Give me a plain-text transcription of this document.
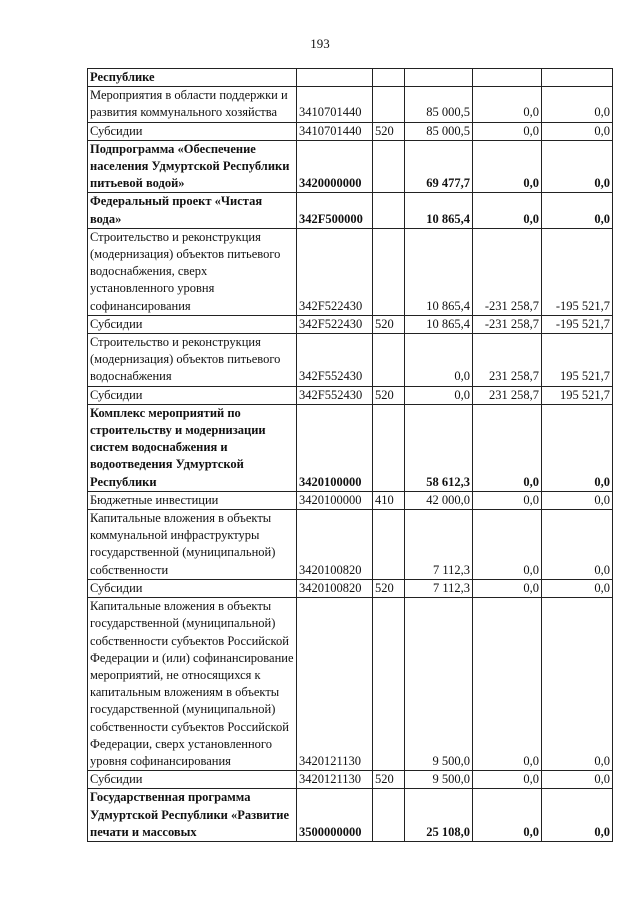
193
Республике					
Мероприятия в области поддержки и развития коммунального хозяйства	3410701440		85 000,5	0,0	0,0
Субсидии	3410701440	520	85 000,5	0,0	0,0
Подпрограмма «Обеспечение населения Удмуртской Республики питьевой водой»	3420000000		69 477,7	0,0	0,0
Федеральный проект «Чистая вода»	342F500000		10 865,4	0,0	0,0
Строительство и реконструкция (модернизация) объектов питьевого водоснабжения, сверх установленного уровня софинансирования	342F522430		10 865,4	-231 258,7	-195 521,7
Субсидии	342F522430	520	10 865,4	-231 258,7	-195 521,7
Строительство и реконструкция (модернизация) объектов питьевого водоснабжения	342F552430		0,0	231 258,7	195 521,7
Субсидии	342F552430	520	0,0	231 258,7	195 521,7
Комплекс мероприятий по строительству и модернизации систем водоснабжения и водоотведения Удмуртской Республики	3420100000		58 612,3	0,0	0,0
Бюджетные инвестиции	3420100000	410	42 000,0	0,0	0,0
Капитальные вложения в объекты коммунальной инфраструктуры государственной (муниципальной) собственности	3420100820		7 112,3	0,0	0,0
Субсидии	3420100820	520	7 112,3	0,0	0,0
Капитальные вложения в объекты государственной (муниципальной) собственности субъектов Российской Федерации и (или) софинансирование мероприятий, не относящихся к капитальным вложениям в объекты государственной (муниципальной) собственности субъектов Российской Федерации, сверх установленного уровня софинансирования	3420121130		9 500,0	0,0	0,0
Субсидии	3420121130	520	9 500,0	0,0	0,0
Государственная программа Удмуртской Республики «Развитие печати и массовых	3500000000		25 108,0	0,0	0,0
